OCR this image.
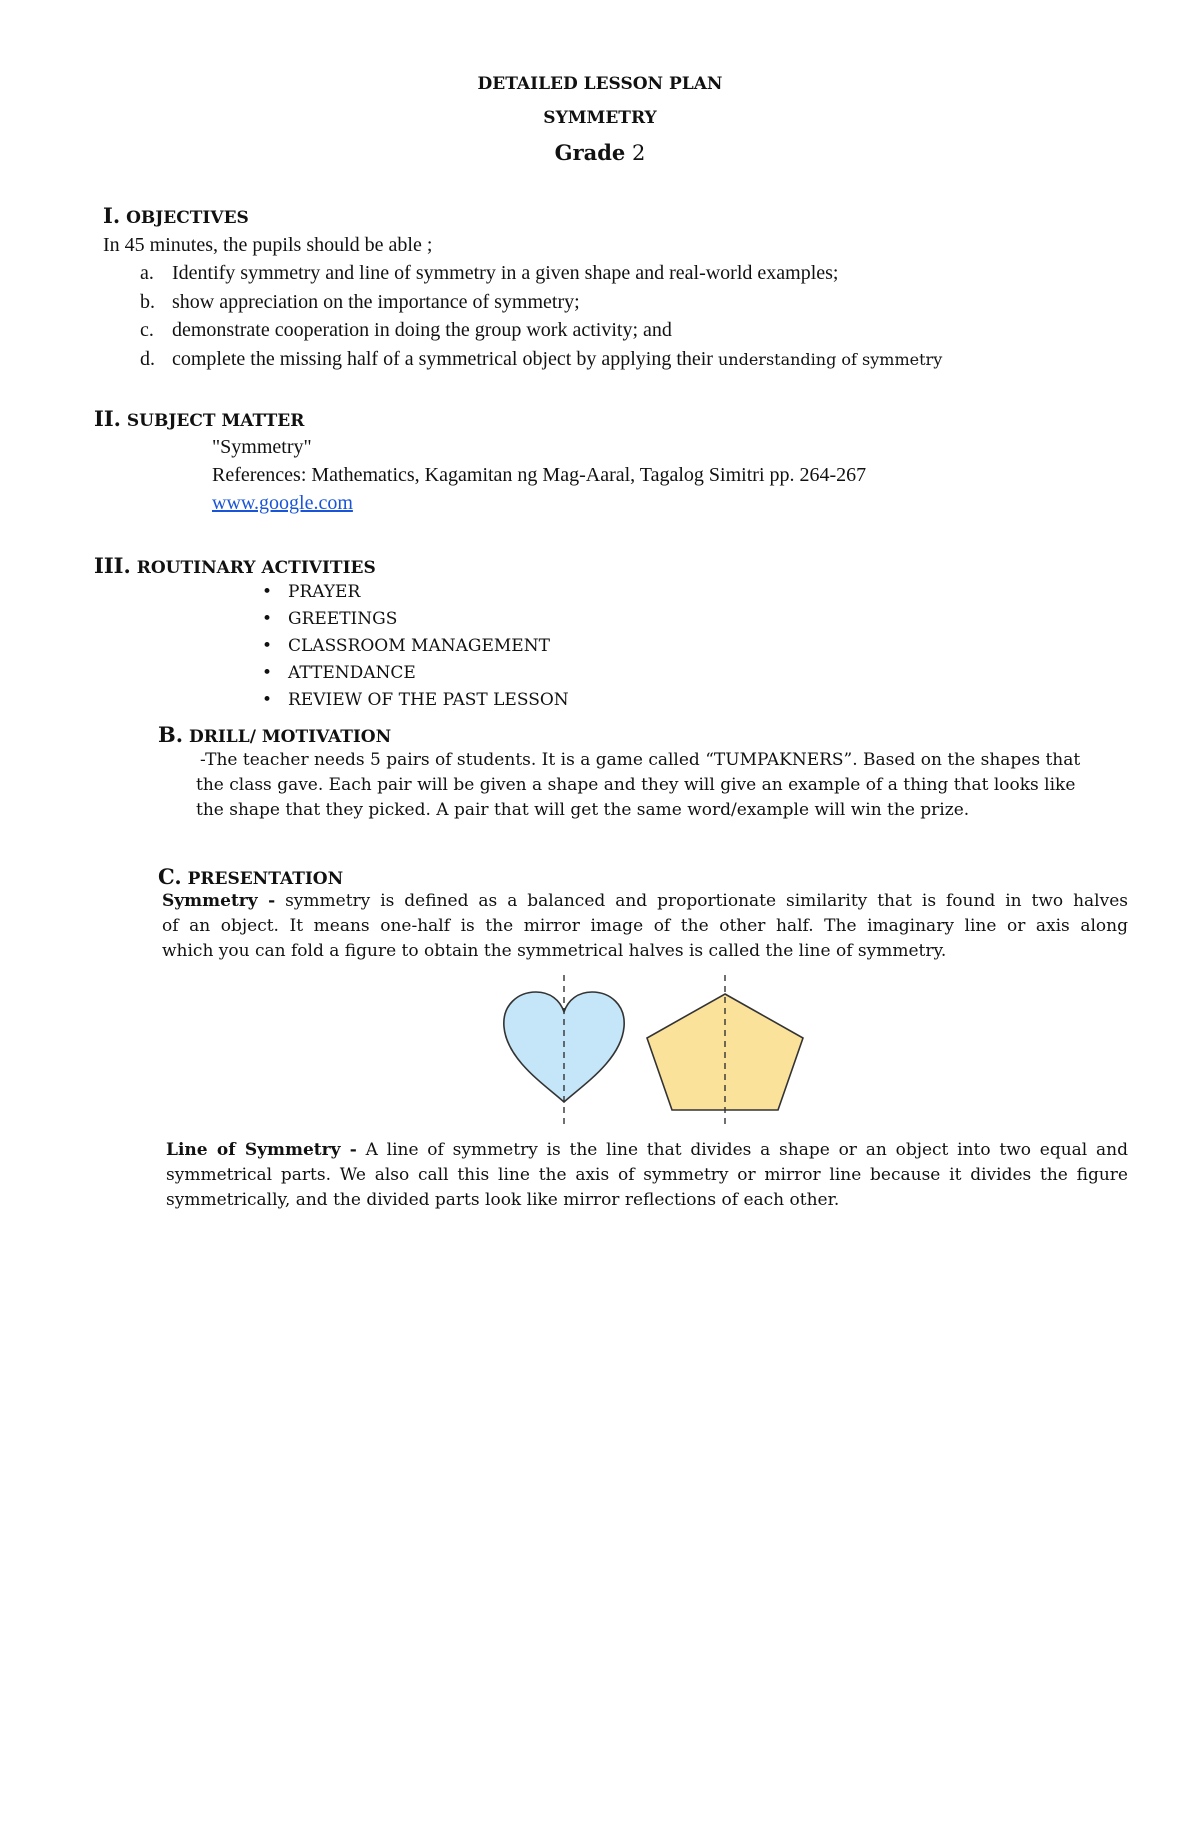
DETAILED LESSON PLAN
SYMMETRY
Grade 2
I. OBJECTIVES
In 45 minutes, the pupils should be able ;
a. Identify symmetry and line of symmetry in a given shape and real-world examples;
b. show appreciation on the importance of symmetry;
c. demonstrate cooperation in doing the group work activity; and
d. complete the missing half of a symmetrical object by applying their understanding of symmetry
II. SUBJECT MATTER
"Symmetry"
References: Mathematics, Kagamitan ng Mag-Aaral, Tagalog Simitri pp. 264-267
www.google.com
III. ROUTINARY ACTIVITIES
• PRAYER
• GREETINGS
• CLASSROOM MANAGEMENT
• ATTENDANCE
• REVIEW OF THE PAST LESSON
B. DRILL/ MOTIVATION
-The teacher needs 5 pairs of students. It is a game called “TUMPAKNERS”. Based on the shapes that
the class gave. Each pair will be given a shape and they will give an example of a thing that looks like
the shape that they picked. A pair that will get the same word/example will win the prize.
C. PRESENTATION
Symmetry - symmetry is defined as a balanced and proportionate similarity that is found in two halves
of an object. It means one-half is the mirror image of the other half. The imaginary line or axis along
which you can fold a figure to obtain the symmetrical halves is called the line of symmetry.
Line of Symmetry - A line of symmetry is the line that divides a shape or an object into two equal and
symmetrical parts. We also call this line the axis of symmetry or mirror line because it divides the figure
symmetrically, and the divided parts look like mirror reflections of each other.
